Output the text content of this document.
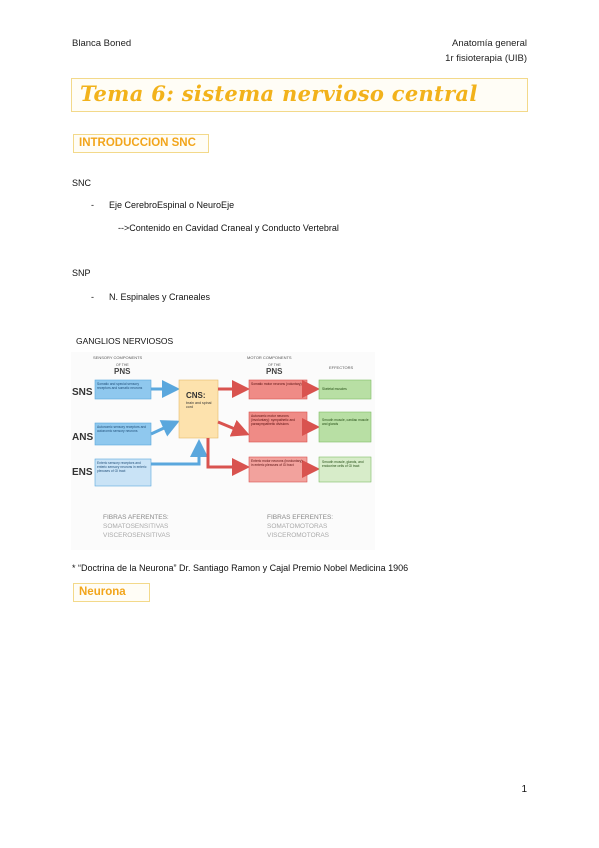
Blanca Boned	Anatomía general
1r fisioterapia (UIB)
Tema 6: sistema nervioso central
INTRODUCCION SNC
SNC
- Eje CerebroEspinal o NeuroEje
-->Contenido en Cavidad Craneal y Conducto Vertebral
SNP
- N. Espinales y Craneales
GANGLIOS NERVIOSOS
SENSORY COMPONENTS
OF THE
PNS
MOTOR COMPONENTS
OF THE
PNS	EFFECTORS
SNS
ANS
ENS
CNS:
FIBRAS AFERENTES:
SOMATOSENSITIVAS
VISCEROSENSITIVAS
FIBRAS EFERENTES:
SOMATOMOTORAS
VISCEROMOTORAS
Somatic and special sensory receptors and somatic neurons
Autonomic sensory receptors and autonomic sensory neurons
Enteric sensory receptors and enteric sensory neurons in enteric plexuses of GI tract
brain and spinal cord
Somatic motor neurons (voluntary)
Autonomic motor neurons (involuntary): sympathetic and parasympathetic divisions
Enteric motor neurons (involuntary) in enteric plexuses of GI tract
Skeletal muscles
Smooth muscle, cardiac muscle and glands
Smooth muscle, glands, and endocrine cells of GI tract
* “Doctrina de la Neurona” Dr. Santiago Ramon y Cajal Premio Nobel Medicina 1906
Neurona
1
